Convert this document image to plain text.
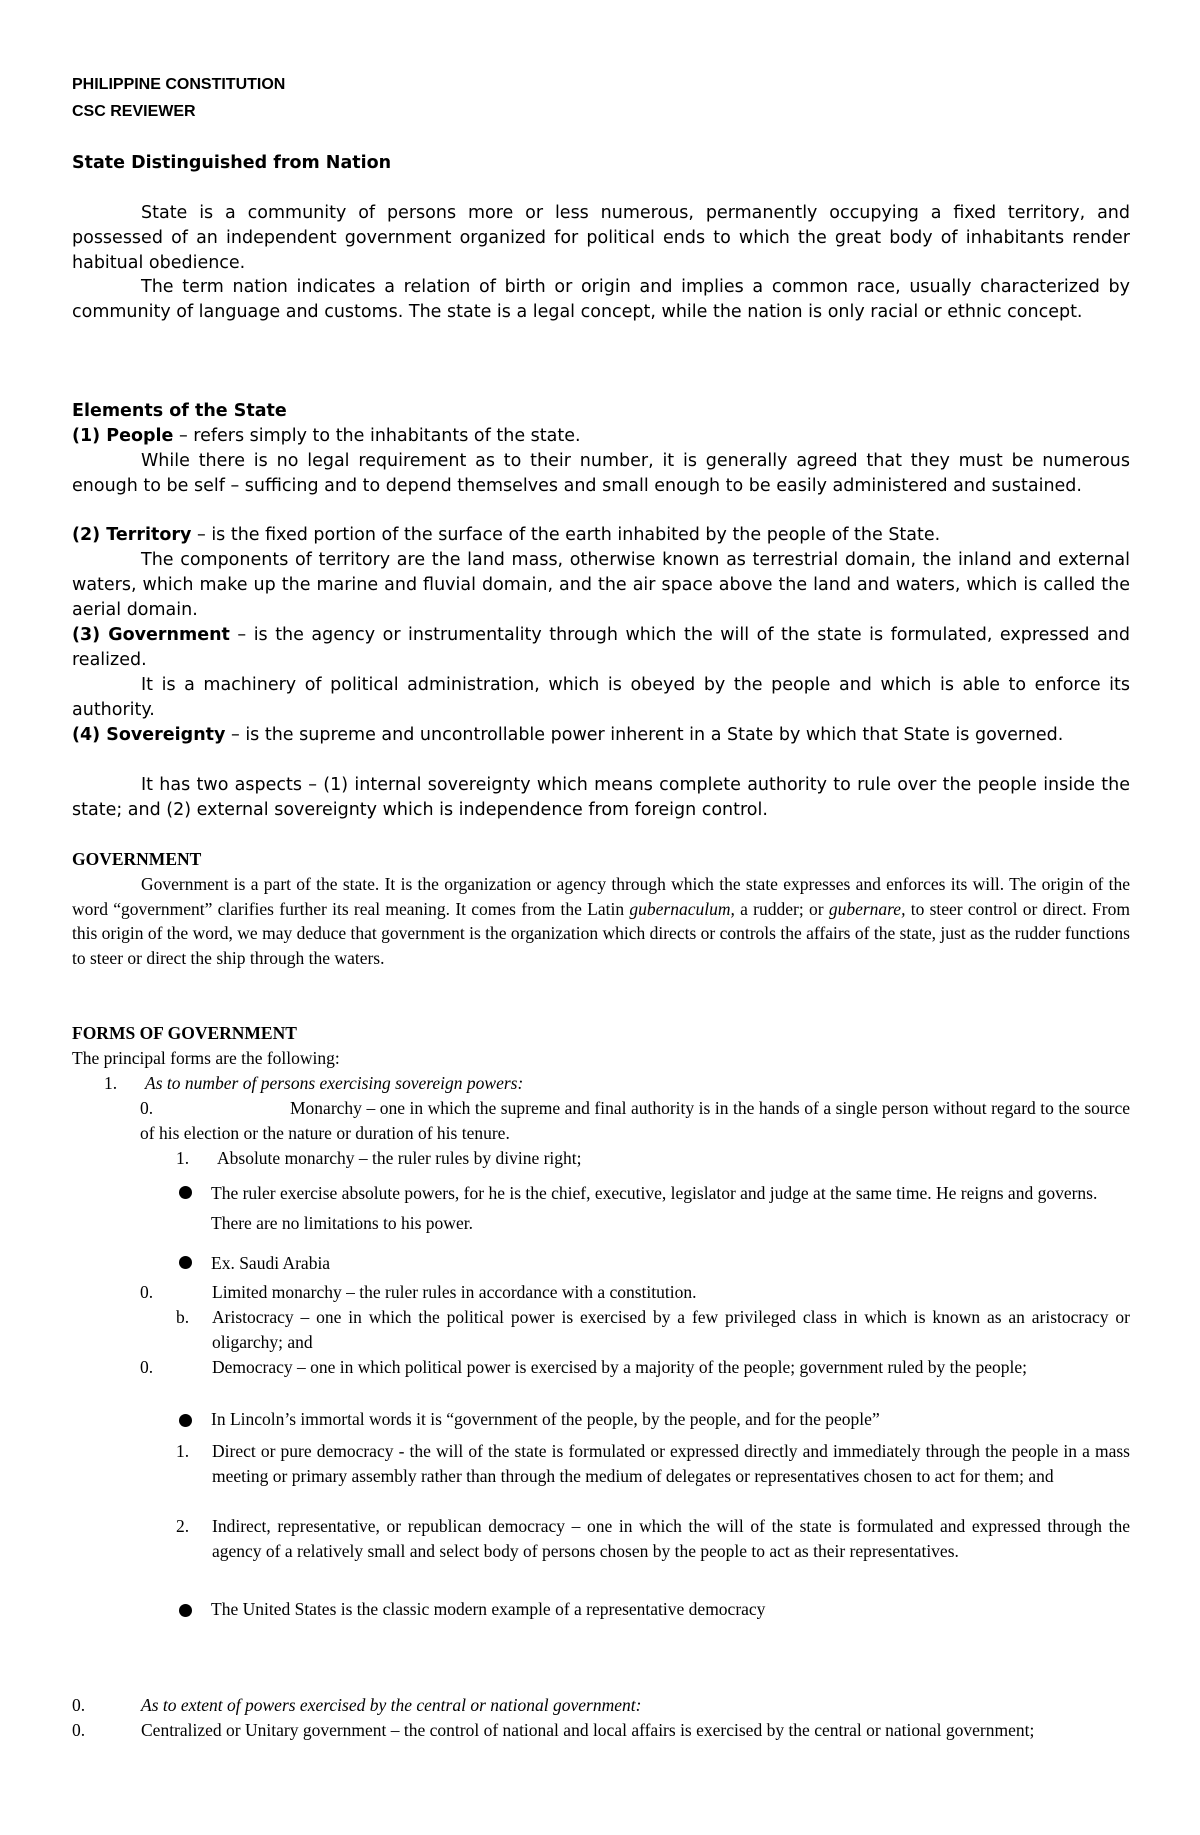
PHILIPPINE CONSTITUTION
CSC REVIEWER
State Distinguished from Nation
State is a community of persons more or less numerous, permanently occupying a fixed territory, and possessed of an independent government organized for political ends to which the great body of inhabitants render habitual obedience.
The term nation indicates a relation of birth or origin and implies a common race, usually characterized by community of language and customs. The state is a legal concept, while the nation is only racial or ethnic concept.
Elements of the State
(1) People – refers simply to the inhabitants of the state.
While there is no legal requirement as to their number, it is generally agreed that they must be numerous enough to be self – sufficing and to depend themselves and small enough to be easily administered and sustained.
(2) Territory – is the fixed portion of the surface of the earth inhabited by the people of the State.
The components of territory are the land mass, otherwise known as terrestrial domain, the inland and external waters, which make up the marine and fluvial domain, and the air space above the land and waters, which is called the aerial domain.
(3) Government – is the agency or instrumentality through which the will of the state is formulated, expressed and realized.
It is a machinery of political administration, which is obeyed by the people and which is able to enforce its authority.
(4) Sovereignty – is the supreme and uncontrollable power inherent in a State by which that State is governed.
It has two aspects – (1) internal sovereignty which means complete authority to rule over the people inside the state; and (2) external sovereignty which is independence from foreign control.
GOVERNMENT
Government is a part of the state. It is the organization or agency through which the state expresses and enforces its will. The origin of the word “government” clarifies further its real meaning. It comes from the Latin gubernaculum, a rudder; or gubernare, to steer control or direct. From this origin of the word, we may deduce that government is the organization which directs or controls the affairs of the state, just as the rudder functions to steer or direct the ship through the waters.
FORMS OF GOVERNMENT
The principal forms are the following:
1. As to number of persons exercising sovereign powers:
0.	Monarchy – one in which the supreme and final authority is in the hands of a single person without regard to the source of his election or the nature or duration of his tenure.
1. Absolute monarchy – the ruler rules by divine right;
The ruler exercise absolute powers, for he is the chief, executive, legislator and judge at the same time. He reigns and governs. There are no limitations to his power.
Ex. Saudi Arabia
0.	Limited monarchy – the ruler rules in accordance with a constitution.
b. Aristocracy – one in which the political power is exercised by a few privileged class in which is known as an aristocracy or oligarchy; and
0.	Democracy – one in which political power is exercised by a majority of the people; government ruled by the people;
In Lincoln’s immortal words it is “government of the people, by the people, and for the people”
1. Direct or pure democracy - the will of the state is formulated or expressed directly and immediately through the people in a mass meeting or primary assembly rather than through the medium of delegates or representatives chosen to act for them; and
2. Indirect, representative, or republican democracy – one in which the will of the state is formulated and expressed through the agency of a relatively small and select body of persons chosen by the people to act as their representatives.
The United States is the classic modern example of a representative democracy
0.	As to extent of powers exercised by the central or national government:
0.	Centralized or Unitary government – the control of national and local affairs is exercised by the central or national government;
